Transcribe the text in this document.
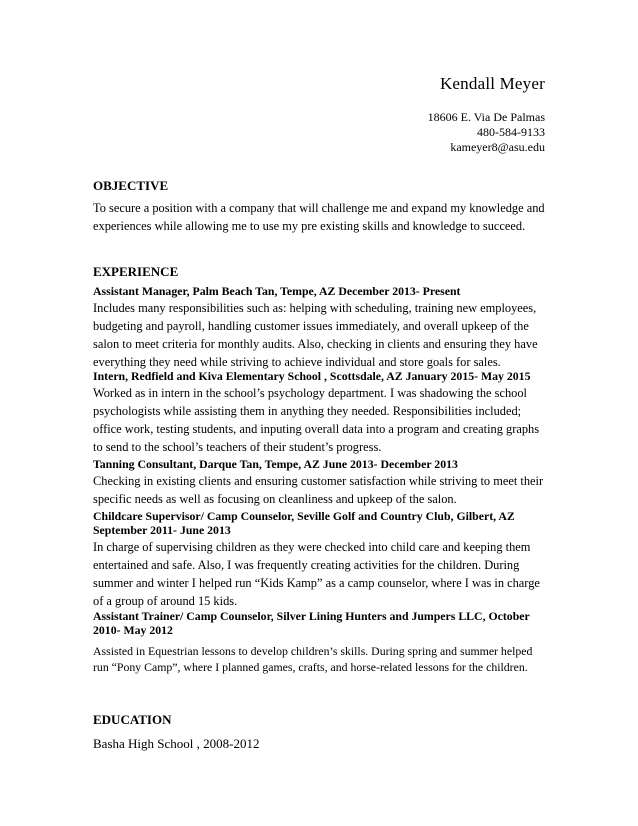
Kendall Meyer
18606 E. Via De Palmas
480-584-9133
kameyer8@asu.edu
OBJECTIVE
To secure a position with a company that will challenge me and expand my knowledge and experiences while allowing me to use my pre existing skills and knowledge to succeed.
EXPERIENCE
Assistant Manager, Palm Beach Tan, Tempe, AZ December 2013- Present
Includes many responsibilities such as: helping with scheduling, training new employees, budgeting and payroll, handling customer issues immediately, and overall upkeep of the salon to meet criteria for monthly audits. Also, checking in clients and ensuring they have everything they need while striving to achieve individual and store goals for sales.
Intern, Redfield and Kiva Elementary School , Scottsdale, AZ January 2015- May 2015
Worked as in intern in the school’s psychology department. I was shadowing the school psychologists while assisting them in anything they needed. Responsibilities included; office work, testing students, and inputing overall data into a program and creating graphs to send to the school’s teachers of their student’s progress.
Tanning Consultant, Darque Tan, Tempe, AZ June 2013- December 2013
Checking in existing clients and ensuring customer satisfaction while striving to meet their specific needs as well as focusing on cleanliness and upkeep of the salon.
Childcare Supervisor/ Camp Counselor, Seville Golf and Country Club, Gilbert, AZ September 2011- June 2013
In charge of supervising children as they were checked into child care and keeping them entertained and safe. Also, I was frequently creating activities for the children. During summer and winter I helped run “Kids Kamp” as a camp counselor, where I was in charge of a group of around 15 kids.
Assistant Trainer/ Camp Counselor, Silver Lining Hunters and Jumpers LLC, October 2010- May 2012
Assisted in Equestrian lessons to develop children’s skills. During spring and summer helped run “Pony Camp”, where I planned games, crafts, and horse-related lessons for the children.
EDUCATION
Basha High School , 2008-2012
